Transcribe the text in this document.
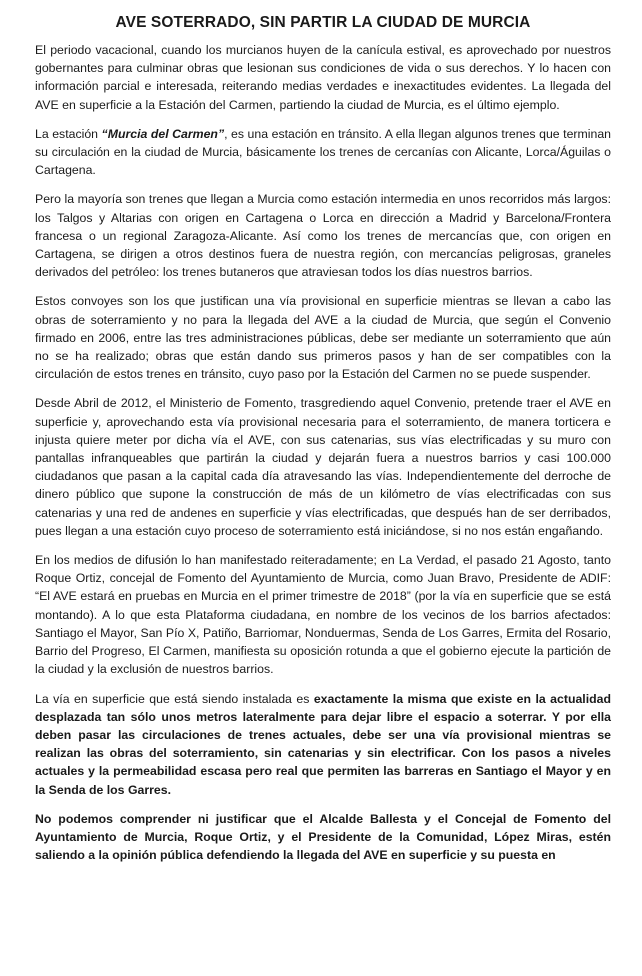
AVE SOTERRADO, SIN PARTIR LA CIUDAD DE MURCIA

El periodo vacacional, cuando los murcianos huyen de la canícula estival, es aprovechado por nuestros gobernantes para culminar obras que lesionan sus condiciones de vida o sus derechos. Y lo hacen con información parcial e interesada, reiterando medias verdades e inexactitudes evidentes. La llegada del AVE en superficie a la Estación del Carmen, partiendo la ciudad de Murcia, es el último ejemplo.

La estación “Murcia del Carmen”, es una estación en tránsito. A ella llegan algunos trenes que terminan su circulación en la ciudad de Murcia, básicamente los trenes de cercanías con Alicante, Lorca/Águilas o Cartagena.

Pero la mayoría son trenes que llegan a Murcia como estación intermedia en unos recorridos más largos: los Talgos y Altarias con origen en Cartagena o Lorca en dirección a Madrid y Barcelona/Frontera francesa o un regional Zaragoza-Alicante. Así como los trenes de mercancías que, con origen en Cartagena, se dirigen a otros destinos fuera de nuestra región, con mercancías peligrosas, graneles derivados del petróleo: los trenes butaneros que atraviesan todos los días nuestros barrios.

Estos convoyes son los que justifican una vía provisional en superficie mientras se llevan a cabo las obras de soterramiento y no para la llegada del AVE a la ciudad de Murcia, que según el Convenio firmado en 2006, entre las tres administraciones públicas, debe ser mediante un soterramiento que aún no se ha realizado; obras que están dando sus primeros pasos y han de ser compatibles con la circulación de estos trenes en tránsito, cuyo paso por la Estación del Carmen no se puede suspender.

Desde Abril de 2012, el Ministerio de Fomento, trasgrediendo aquel Convenio, pretende traer el AVE en superficie y, aprovechando esta vía provisional necesaria para el soterramiento, de manera torticera e injusta quiere meter por dicha vía el AVE, con sus catenarias, sus vías electrificadas y su muro con pantallas infranqueables que partirán la ciudad y dejarán fuera a nuestros barrios y casi 100.000 ciudadanos que pasan a la capital cada día atravesando las vías. Independientemente del derroche de dinero público que supone la construcción de más de un kilómetro de vías electrificadas con sus catenarias y una red de andenes en superficie y vías electrificadas, que después han de ser derribados, pues llegan a una estación cuyo proceso de soterramiento está iniciándose, si no nos están engañando.

En los medios de difusión lo han manifestado reiteradamente; en La Verdad, el pasado 21 Agosto, tanto Roque Ortiz, concejal de Fomento del Ayuntamiento de Murcia, como Juan Bravo, Presidente de ADIF: “El AVE estará en pruebas en Murcia en el primer trimestre de 2018” (por la vía en superficie que se está montando). A lo que esta Plataforma ciudadana, en nombre de los vecinos de los barrios afectados: Santiago el Mayor, San Pío X, Patiño, Barriomar, Nonduermas, Senda de Los Garres, Ermita del Rosario, Barrio del Progreso, El Carmen, manifiesta su oposición rotunda a que el gobierno ejecute la partición de la ciudad y la exclusión de nuestros barrios.

La vía en superficie que está siendo instalada es exactamente la misma que existe en la actualidad desplazada tan sólo unos metros lateralmente para dejar libre el espacio a soterrar. Y por ella deben pasar las circulaciones de trenes actuales, debe ser una vía provisional mientras se realizan las obras del soterramiento, sin catenarias y sin electrificar. Con los pasos a niveles actuales y la permeabilidad escasa pero real que permiten las barreras en Santiago el Mayor y en la Senda de los Garres.

No podemos comprender ni justificar que el Alcalde Ballesta y el Concejal de Fomento del Ayuntamiento de Murcia, Roque Ortiz, y el Presidente de la Comunidad, López Miras, estén saliendo a la opinión pública defendiendo la llegada del AVE en superficie y su puesta en
